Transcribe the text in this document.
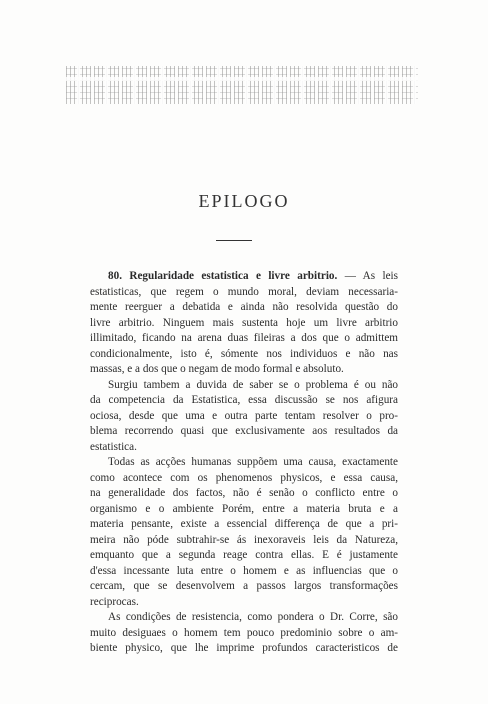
EPILOGO

80. Regularidade estatistica e livre arbitrio. — As leis
estatisticas, que regem o mundo moral, deviam necessaria-
mente reerguer a debatida e ainda não resolvida questão do
livre arbitrio. Ninguem mais sustenta hoje um livre arbitrio
illimitado, ficando na arena duas fileiras a dos que o admittem
condicionalmente, isto é, sómente nos individuos e não nas
massas, e a dos que o negam de modo formal e absoluto.

Surgiu tambem a duvida de saber se o problema é ou não
da competencia da Estatistica, essa discussão se nos afigura
ociosa, desde que uma e outra parte tentam resolver o pro-
blema recorrendo quasi que exclusivamente aos resultados da
estatistica.

Todas as acções humanas suppõem uma causa, exactamente
como acontece com os phenomenos physicos, e essa causa,
na generalidade dos factos, não é senão o conflicto entre o
organismo e o ambiente Porém, entre a materia bruta e a
materia pensante, existe a essencial differença de que a pri-
meira não póde subtrahir-se ás inexoraveis leis da Natureza,
emquanto que a segunda reage contra ellas. E é justamente
d'essa incessante luta entre o homem e as influencias que o
cercam, que se desenvolvem a passos largos transformações
reciprocas.

As condições de resistencia, como pondera o Dr. Corre, são
muito desiguaes o homem tem pouco predominio sobre o am-
biente physico, que lhe imprime profundos caracteristicos de
